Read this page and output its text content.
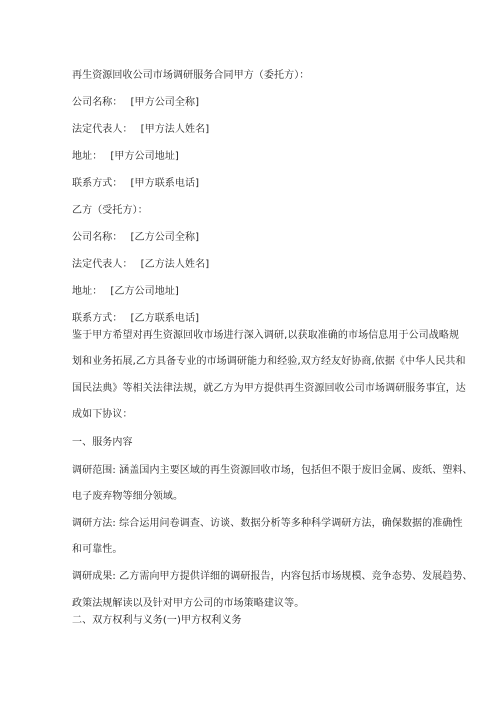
再生资源回收公司市场调研服务合同甲方（委托方）：
公司名称： [甲方公司全称]
法定代表人： [甲方法人姓名]
地址： [甲方公司地址]
联系方式： [甲方联系电话]
乙方（受托方）：
公司名称： [乙方公司全称]
法定代表人： [乙方法人姓名]
地址： [乙方公司地址]
联系方式： [乙方联系电话]
鉴于甲方希望对再生资源回收市场进行深入调研,以获取准确的市场信息用于公司战略规
划和业务拓展,乙方具备专业的市场调研能力和经验,双方经友好协商,依据《中华人民共和
国民法典》等相关法律法规，就乙方为甲方提供再生资源回收公司市场调研服务事宜，达
成如下协议：
一、服务内容
调研范围: 涵盖国内主要区域的再生资源回收市场，包括但不限于废旧金属、废纸、塑料、
电子废弃物等细分领域。
调研方法: 综合运用问卷调查、访谈、数据分析等多种科学调研方法，确保数据的准确性
和可靠性。
调研成果: 乙方需向甲方提供详细的调研报告，内容包括市场规模、竞争态势、发展趋势、
政策法规解读以及针对甲方公司的市场策略建议等。
二、双方权利与义务(一)甲方权利义务
